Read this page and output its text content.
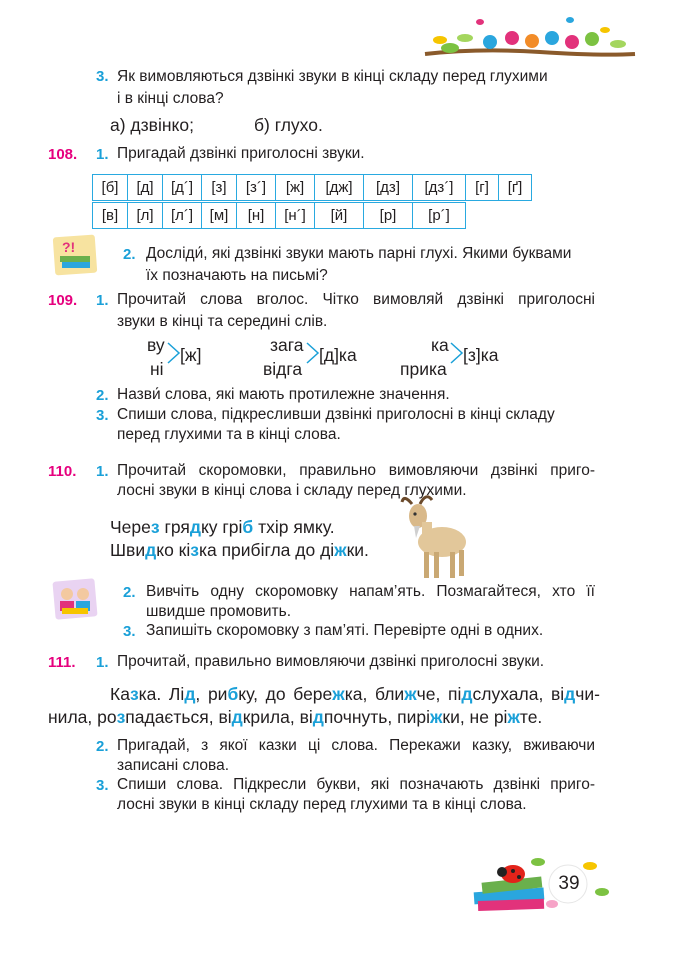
3. Як вимовляються дзвінкі звуки в кінці складу перед глухими
і в кінці слова?
а) дзвінко;	б) глухо.
108. 1. Пригадай дзвінкі приголосні звуки.
[б]	[д]	[д´]	[з]	[з´]	[ж]	[дж]	[дз]	[дз´]	[г]	[ґ]
[в]	[л]	[л´]	[м]	[н]	[н´]	[й]	[р]	[р´]
?!	2. Дослiди́, які дзвінкі звуки мають парні глухі. Якими буквами
їх позначають на письмі?
109. 1. Прочитай слова вголос. Чітко вимовляй дзвінкі приголосні
звуки в кінці та середині слів.
ву
ні
[ж]	зага
відга
[д]ка	ка
прика
[з]ка
2. Назви́ слова, які мають протилежне значення.
3. Спиши слова, підкресливши дзвінкі приголосні в кінці складу
перед глухими та в кінці слова.
110. 1. Прочитай скоромовки, правильно вимовляючи дзвінкі приго-
лосні звуки в кінці слова і складу перед глухими.
Через грядку гріб тхір ямку.
Швидко кізка прибігла до діжки.
2. Вивчіть одну скоромовку напам’ять. Позмагайтеся, хто її
швидше промовить.
3. Запишіть скоромовку з пам’яті. Перевірте одні в одних.
111. 1. Прочитай, правильно вимовляючи дзвінкі приголосні звуки.
Казка. Лід, рибку, до бережка, ближче, підслухала, відчи-
нила, розпадається, відкрила, відпочнуть, пиріжки, не ріжте.
2. Пригадай, з якої казки ці слова. Перекажи казку, вживаючи
записані слова.
3. Спиши слова. Підкресли букви, які позначають дзвінкі приго-
лосні звуки в кінці складу перед глухими та в кінці слова.
39
